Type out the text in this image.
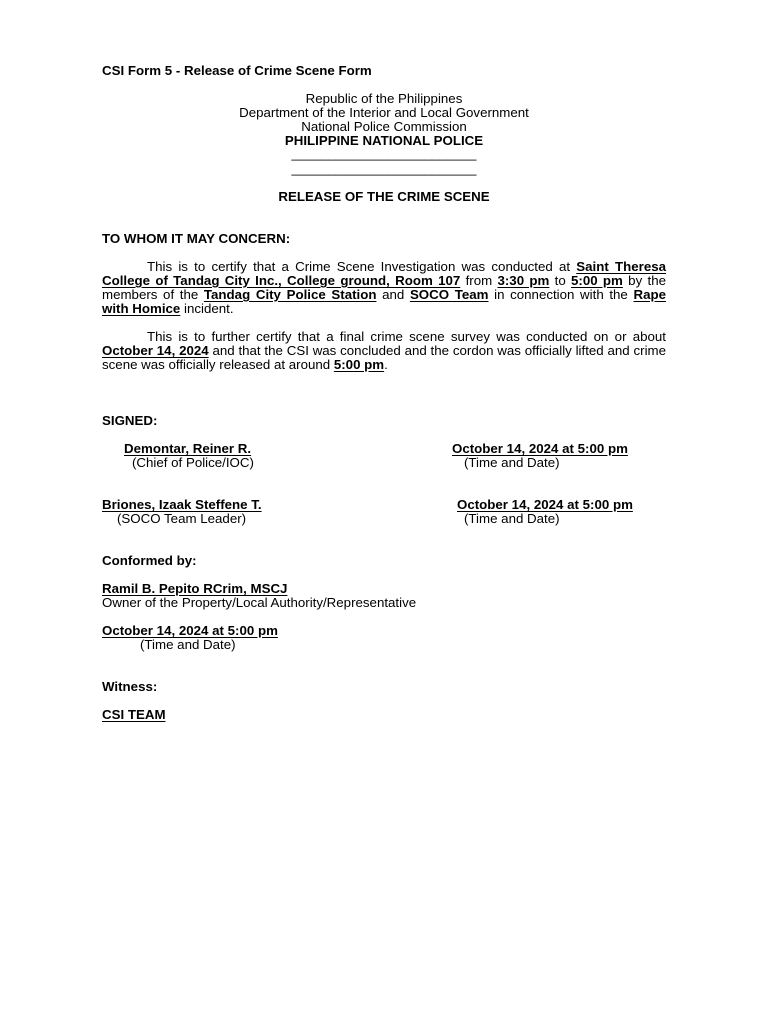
CSI Form 5 - Release of Crime Scene Form
Republic of the Philippines
Department of the Interior and Local Government
National Police Commission
PHILIPPINE NATIONAL POLICE
_________________________
_________________________
RELEASE OF THE CRIME SCENE
TO WHOM IT MAY CONCERN:
This is to certify that a Crime Scene Investigation was conducted at Saint Theresa College of Tandag City Inc., College ground, Room 107 from 3:30 pm to 5:00 pm by the members of the Tandag City Police Station and SOCO Team in connection with the Rape with Homice incident.
This is to further certify that a final crime scene survey was conducted on or about October 14, 2024 and that the CSI was concluded and the cordon was officially lifted and crime scene was officially released at around 5:00 pm.
SIGNED:
Demontar, Reiner R.
(Chief of Police/IOC)
October 14, 2024 at 5:00 pm
(Time and Date)
Briones, Izaak Steffene T.
(SOCO Team Leader)
October 14, 2024 at 5:00 pm
(Time and Date)
Conformed by:
Ramil B. Pepito RCrim, MSCJ
Owner of the Property/Local Authority/Representative
October 14, 2024 at 5:00 pm
(Time and Date)
Witness:
CSI TEAM
